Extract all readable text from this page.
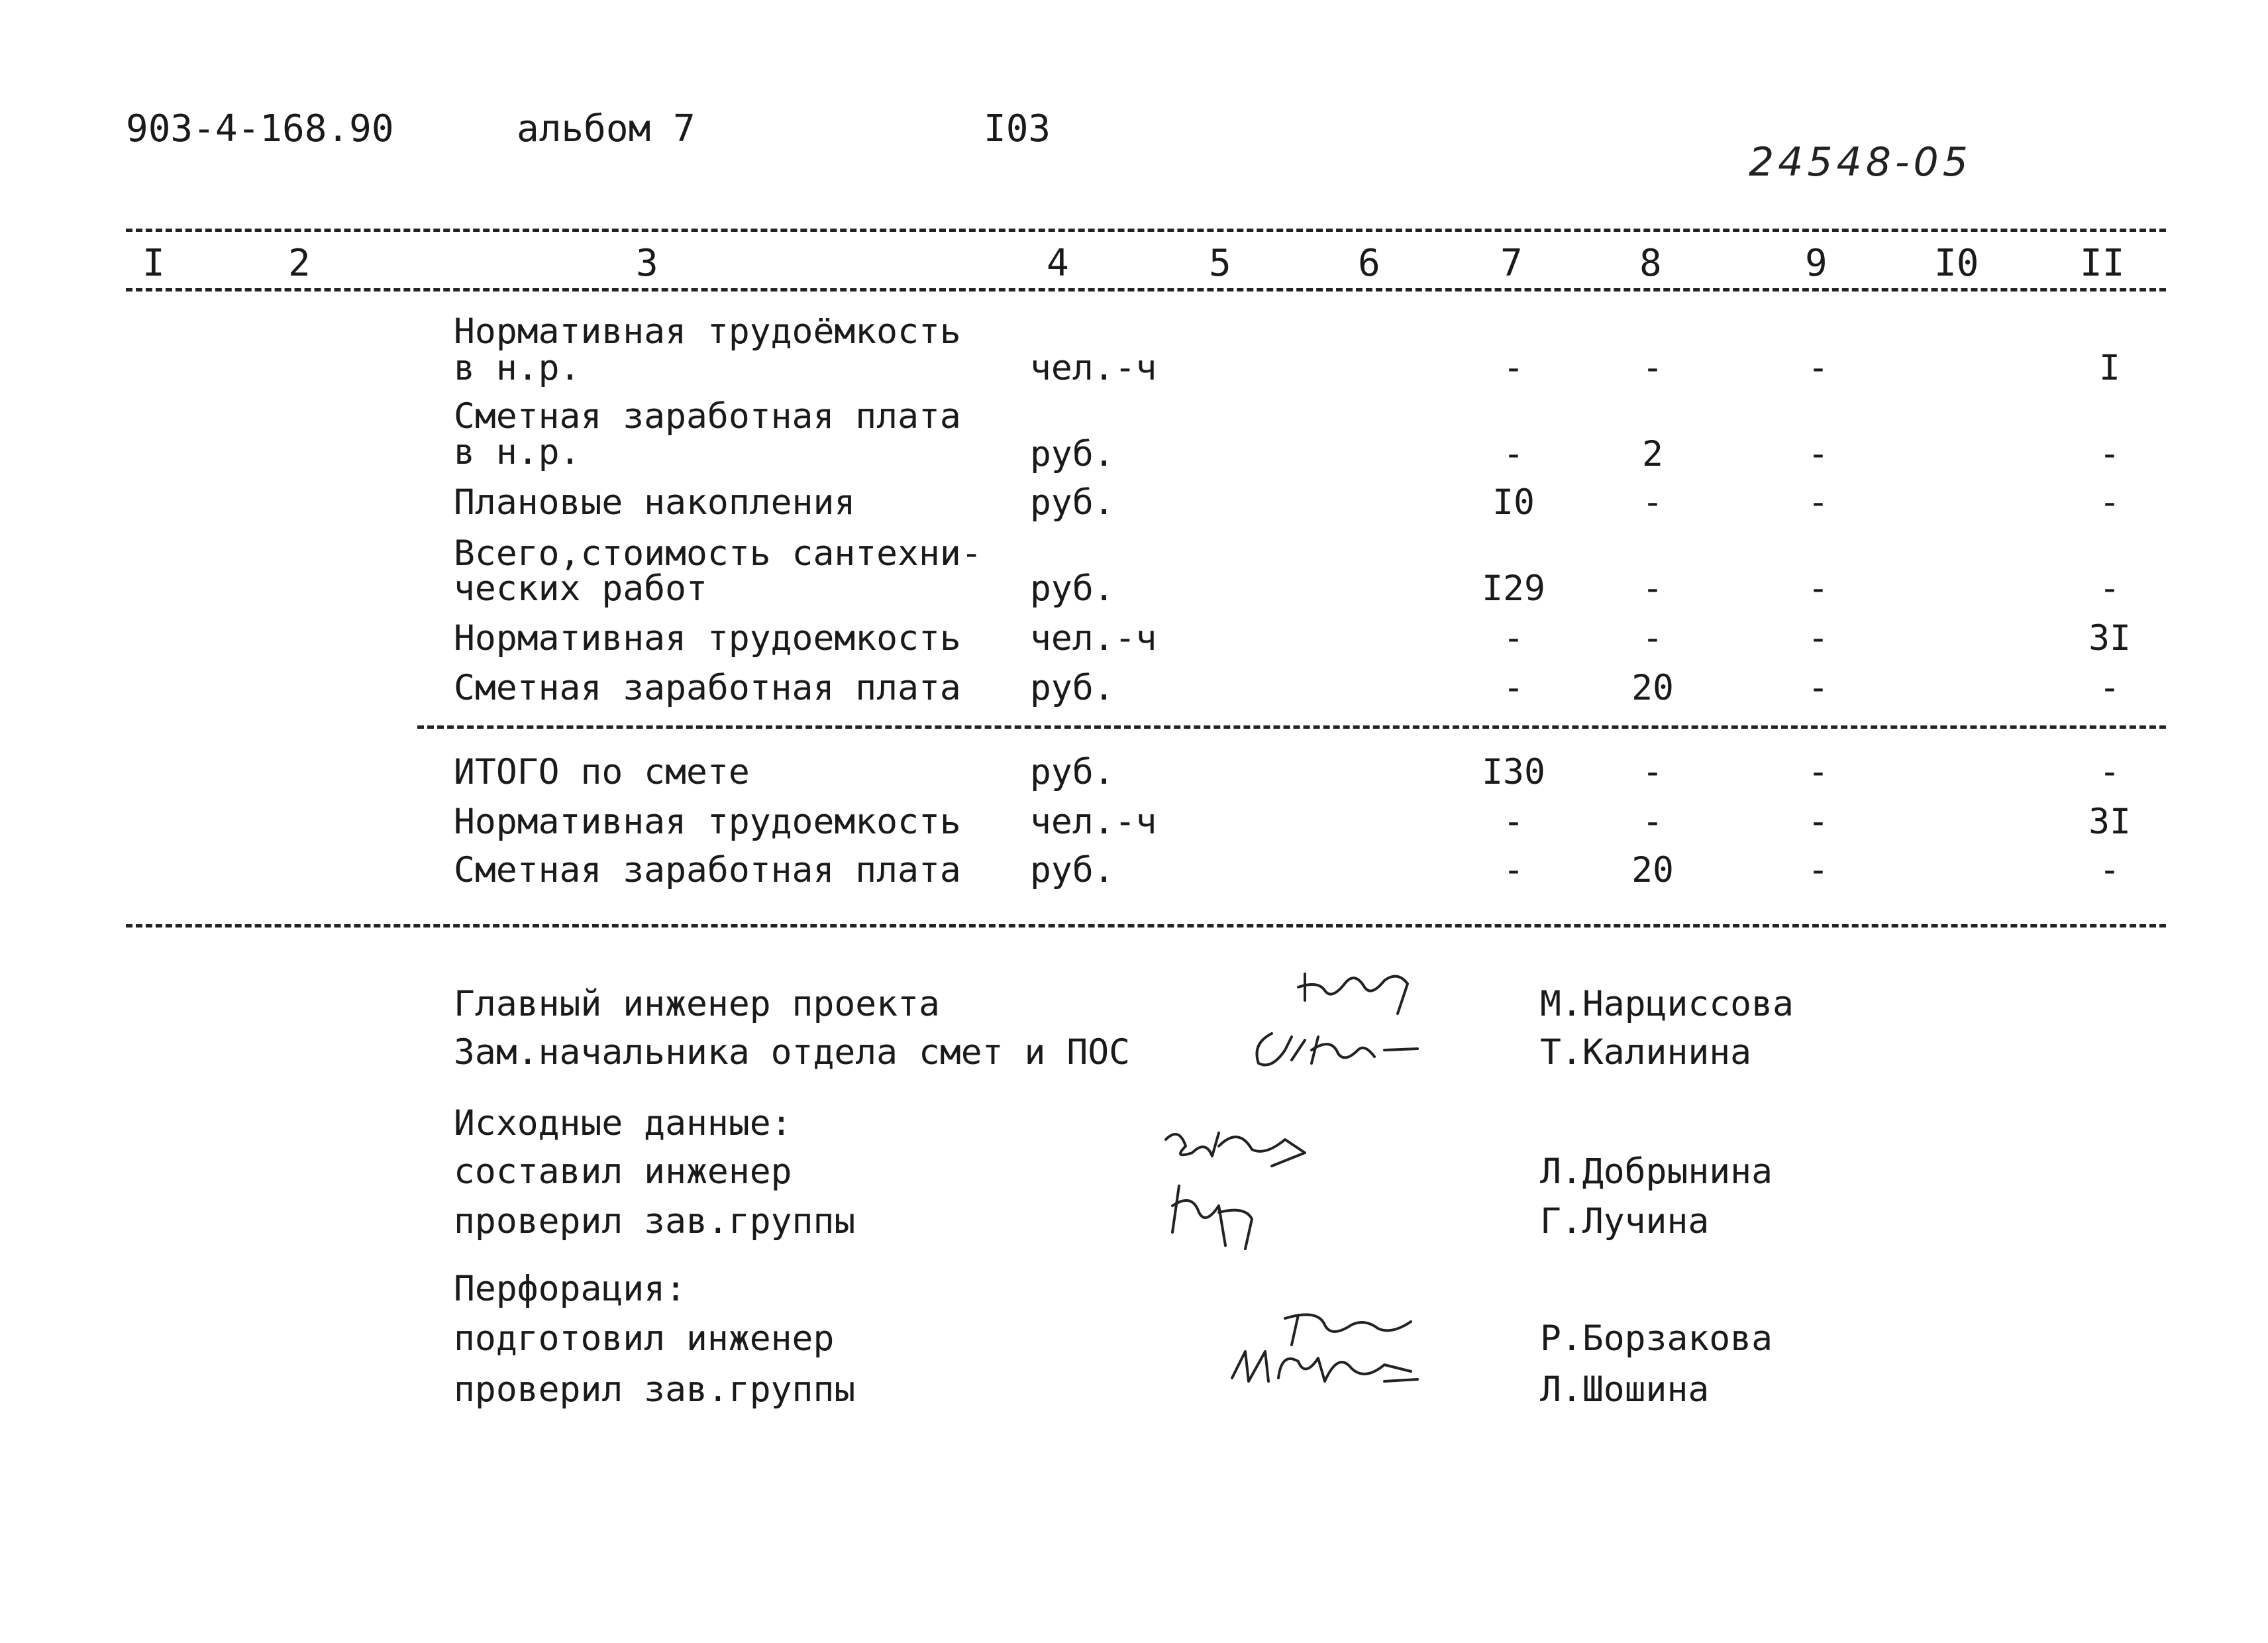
903-4-168.90	альбом 7	I03
24548-05
I	2	3	4	5	6	7	8	9	I0	II
Нормативная трудоёмкость
в н.р.	чел.-ч	-	-	-	I
Сметная заработная плата
в н.р.	руб.	-	2	-	-
Плановые накопления	руб.	I0	-	-	-
Всего,стоимость сантехни-
ческих работ	руб.	I29	-	-	-
Нормативная трудоемкость чел.-ч	-	-	-	3I
Сметная заработная плата руб.	-	20	-	-
ИТОГО по смете	руб.	I30	-	-	-
Нормативная трудоемкость чел.-ч	-	-	-	3I
Сметная заработная плата руб.	-	20	-	-
Главный инженер проекта	М.Нарциссова
Зам.начальника отдела смет и ПОС	Т.Калинина
Исходные данные:
составил инженер	Л.Добрынина
проверил зав.группы	Г.Лучина
Перфорация:
подготовил инженер	Р.Борзакова
проверил зав.группы	Л.Шошина
